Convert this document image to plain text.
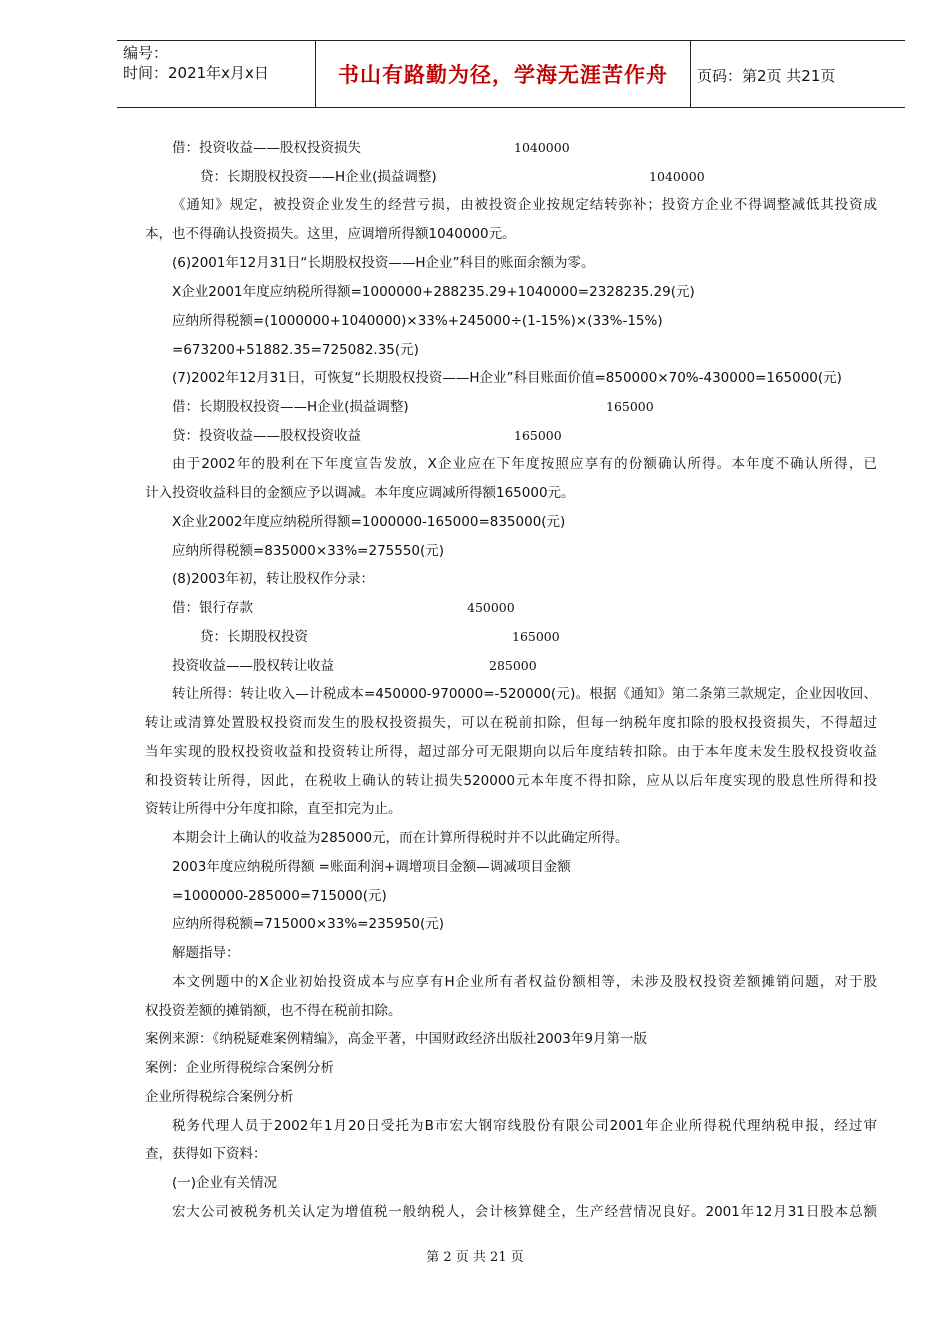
编号：
时间：2021年x月x日	书山有路勤为径，学海无涯苦作舟	页码：第2页 共21页
借：投资收益——股权投资损失	1040000
贷：长期股权投资——H企业(损益调整)	1040000
《通知》规定，被投资企业发生的经营亏损，由被投资企业按规定结转弥补；投资方企业不得调整减低其投资成
本，也不得确认投资损失。这里，应调增所得额1040000元。
(6)2001年12月31日“长期股权投资——H企业”科目的账面余额为零。
X企业2001年度应纳税所得额=1000000+288235.29+1040000=2328235.29(元)
应纳所得税额=(1000000+1040000)×33%+245000÷(1-15%)×(33%-15%)
=673200+51882.35=725082.35(元)
(7)2002年12月31日，可恢复“长期股权投资——H企业”科目账面价值=850000×70%-430000=165000(元)
借：长期股权投资——H企业(损益调整)	165000
贷：投资收益——股权投资收益	165000
由于2002年的股利在下年度宣告发放，X企业应在下年度按照应享有的份额确认所得。本年度不确认所得，已
计入投资收益科目的金额应予以调减。本年度应调减所得额165000元。
X企业2002年度应纳税所得额=1000000-165000=835000(元)
应纳所得税额=835000×33%=275550(元)
(8)2003年初，转让股权作分录：
借：银行存款	450000
贷：长期股权投资	165000
投资收益——股权转让收益	285000
转让所得：转让收入—计税成本=450000-970000=-520000(元)。根据《通知》第二条第三款规定，企业因收回、
转让或清算处置股权投资而发生的股权投资损失，可以在税前扣除，但每一纳税年度扣除的股权投资损失，不得超过
当年实现的股权投资收益和投资转让所得，超过部分可无限期向以后年度结转扣除。由于本年度未发生股权投资收益
和投资转让所得，因此，在税收上确认的转让损失520000元本年度不得扣除，应从以后年度实现的股息性所得和投
资转让所得中分年度扣除，直至扣完为止。
本期会计上确认的收益为285000元，而在计算所得税时并不以此确定所得。
2003年度应纳税所得额 =账面利润+调增项目金额—调减项目金额
=1000000-285000=715000(元)
应纳所得税额=715000×33%=235950(元)
解题指导：
本文例题中的X企业初始投资成本与应享有H企业所有者权益份额相等，未涉及股权投资差额摊销问题，对于股
权投资差额的摊销额，也不得在税前扣除。
案例来源：《纳税疑难案例精编》，高金平著，中国财政经济出版社2003年9月第一版
案例：企业所得税综合案例分析
企业所得税综合案例分析
税务代理人员于2002年1月20日受托为B市宏大钢帘线股份有限公司2001年企业所得税代理纳税申报，经过审
查，获得如下资料：
(一)企业有关情况
宏大公司被税务机关认定为增值税一般纳税人，会计核算健全，生产经营情况良好。2001年12月31日股本总额
第 2 页 共 21 页
